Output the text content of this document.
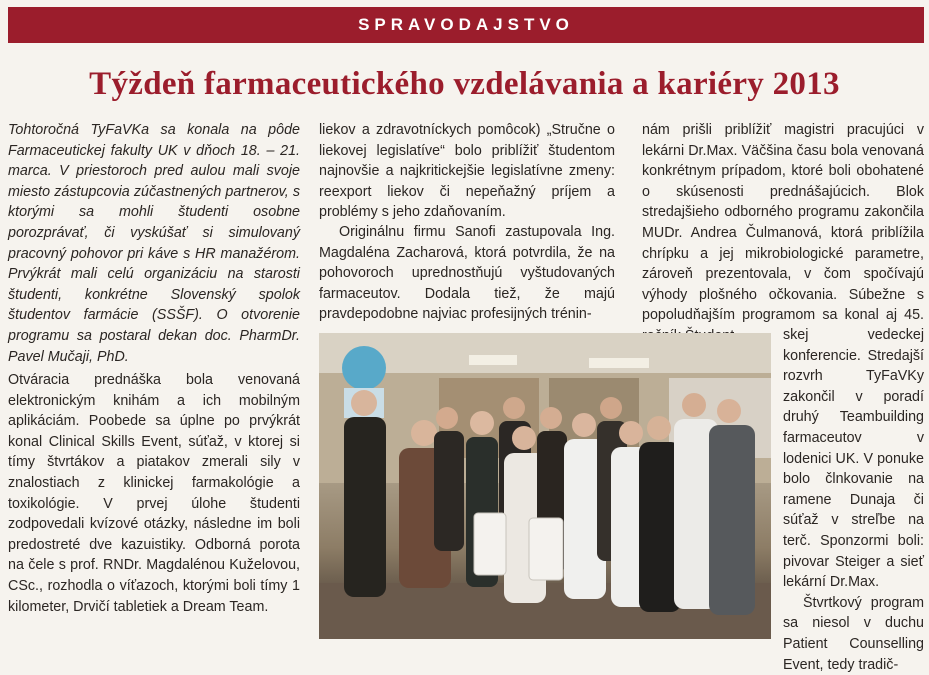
SPRAVODAJSTVO
Týždeň farmaceutického vzdelávania a kariéry 2013

Tohtoročná TyFaVKa sa konala na pôde Farmaceutickej fakulty UK v dňoch 18. – 21. marca. V priestoroch pred aulou mali svoje miesto zástupcovia zúčastnených partnerov, s ktorými sa mohli študenti osobne porozprávať, či vyskúšať si simulovaný pracovný pohovor pri káve s HR manažérom. Prvýkrát mali celú organizáciu na starosti študenti, konkrétne Slovenský spolok študentov farmácie (SSŠF). O otvorenie programu sa postaral dekan doc. PharmDr. Pavel Mučaji, PhD.

Otváracia prednáška bola venovaná elektronickým knihám a ich mobilným aplikáciám. Poobede sa úplne po prvýkrát konal Clinical Skills Event, súťaž, v ktorej si tímy štvrtákov a piatakov zmerali sily v znalostiach z klinickej farmakológie a toxikológie. V prvej úlohe študenti zodpovedali kvízové otázky, následne im boli predostreté dve kazuistiky. Odborná porota na čele s prof. RNDr. Magdalénou Kuželovou, CSc., rozhodla o víťazoch, ktorými boli tímy 1 kilometer, Drvičí tabletiek a Dream Team.

liekov a zdravotníckych pomôcok) „Stručne o liekovej legislatíve“ bolo priblížiť študentom najnovšie a najkritickejšie legislatívne zmeny: reexport liekov či nepeňažný príjem a problémy s jeho zdaňovaním.

Originálnu firmu Sanofi zastupovala Ing. Magdaléna Zacharová, ktorá potvrdila, že na pohovoroch uprednostňujú vyštudovaných farmaceutov. Dodala tiež, že majú pravdepodobne najviac profesijných trénin-

nám prišli priblížiť magistri pracujúci v lekárni Dr.Max. Väčšina času bola venovaná konkrétnym prípadom, ktoré boli obohatené o skúsenosti prednášajúcich. Blok stredajšieho odborného programu zakončila MUDr. Andrea Čulmanová, ktorá priblížila chrípku a jej mikrobiologické parametre, zároveň prezentovala, v čom spočívajú výhody plošného očkovania. Súbežne s popoludňajším programom sa konal aj 45.

skej vedeckej konferencie. Stredajší rozvrh TyFaVKy zakončil v poradí druhý Teambuilding farmaceutov v lodenici UK. V ponuke bolo člnkovanie na ramene Dunaja či súťaž v streľbe na terč. Sponzormi boli: pivovar Steiger a sieť lekární Dr.Max.

Štvrtkový program sa niesol v duchu Patient Counselling Event, tedy tradič-
